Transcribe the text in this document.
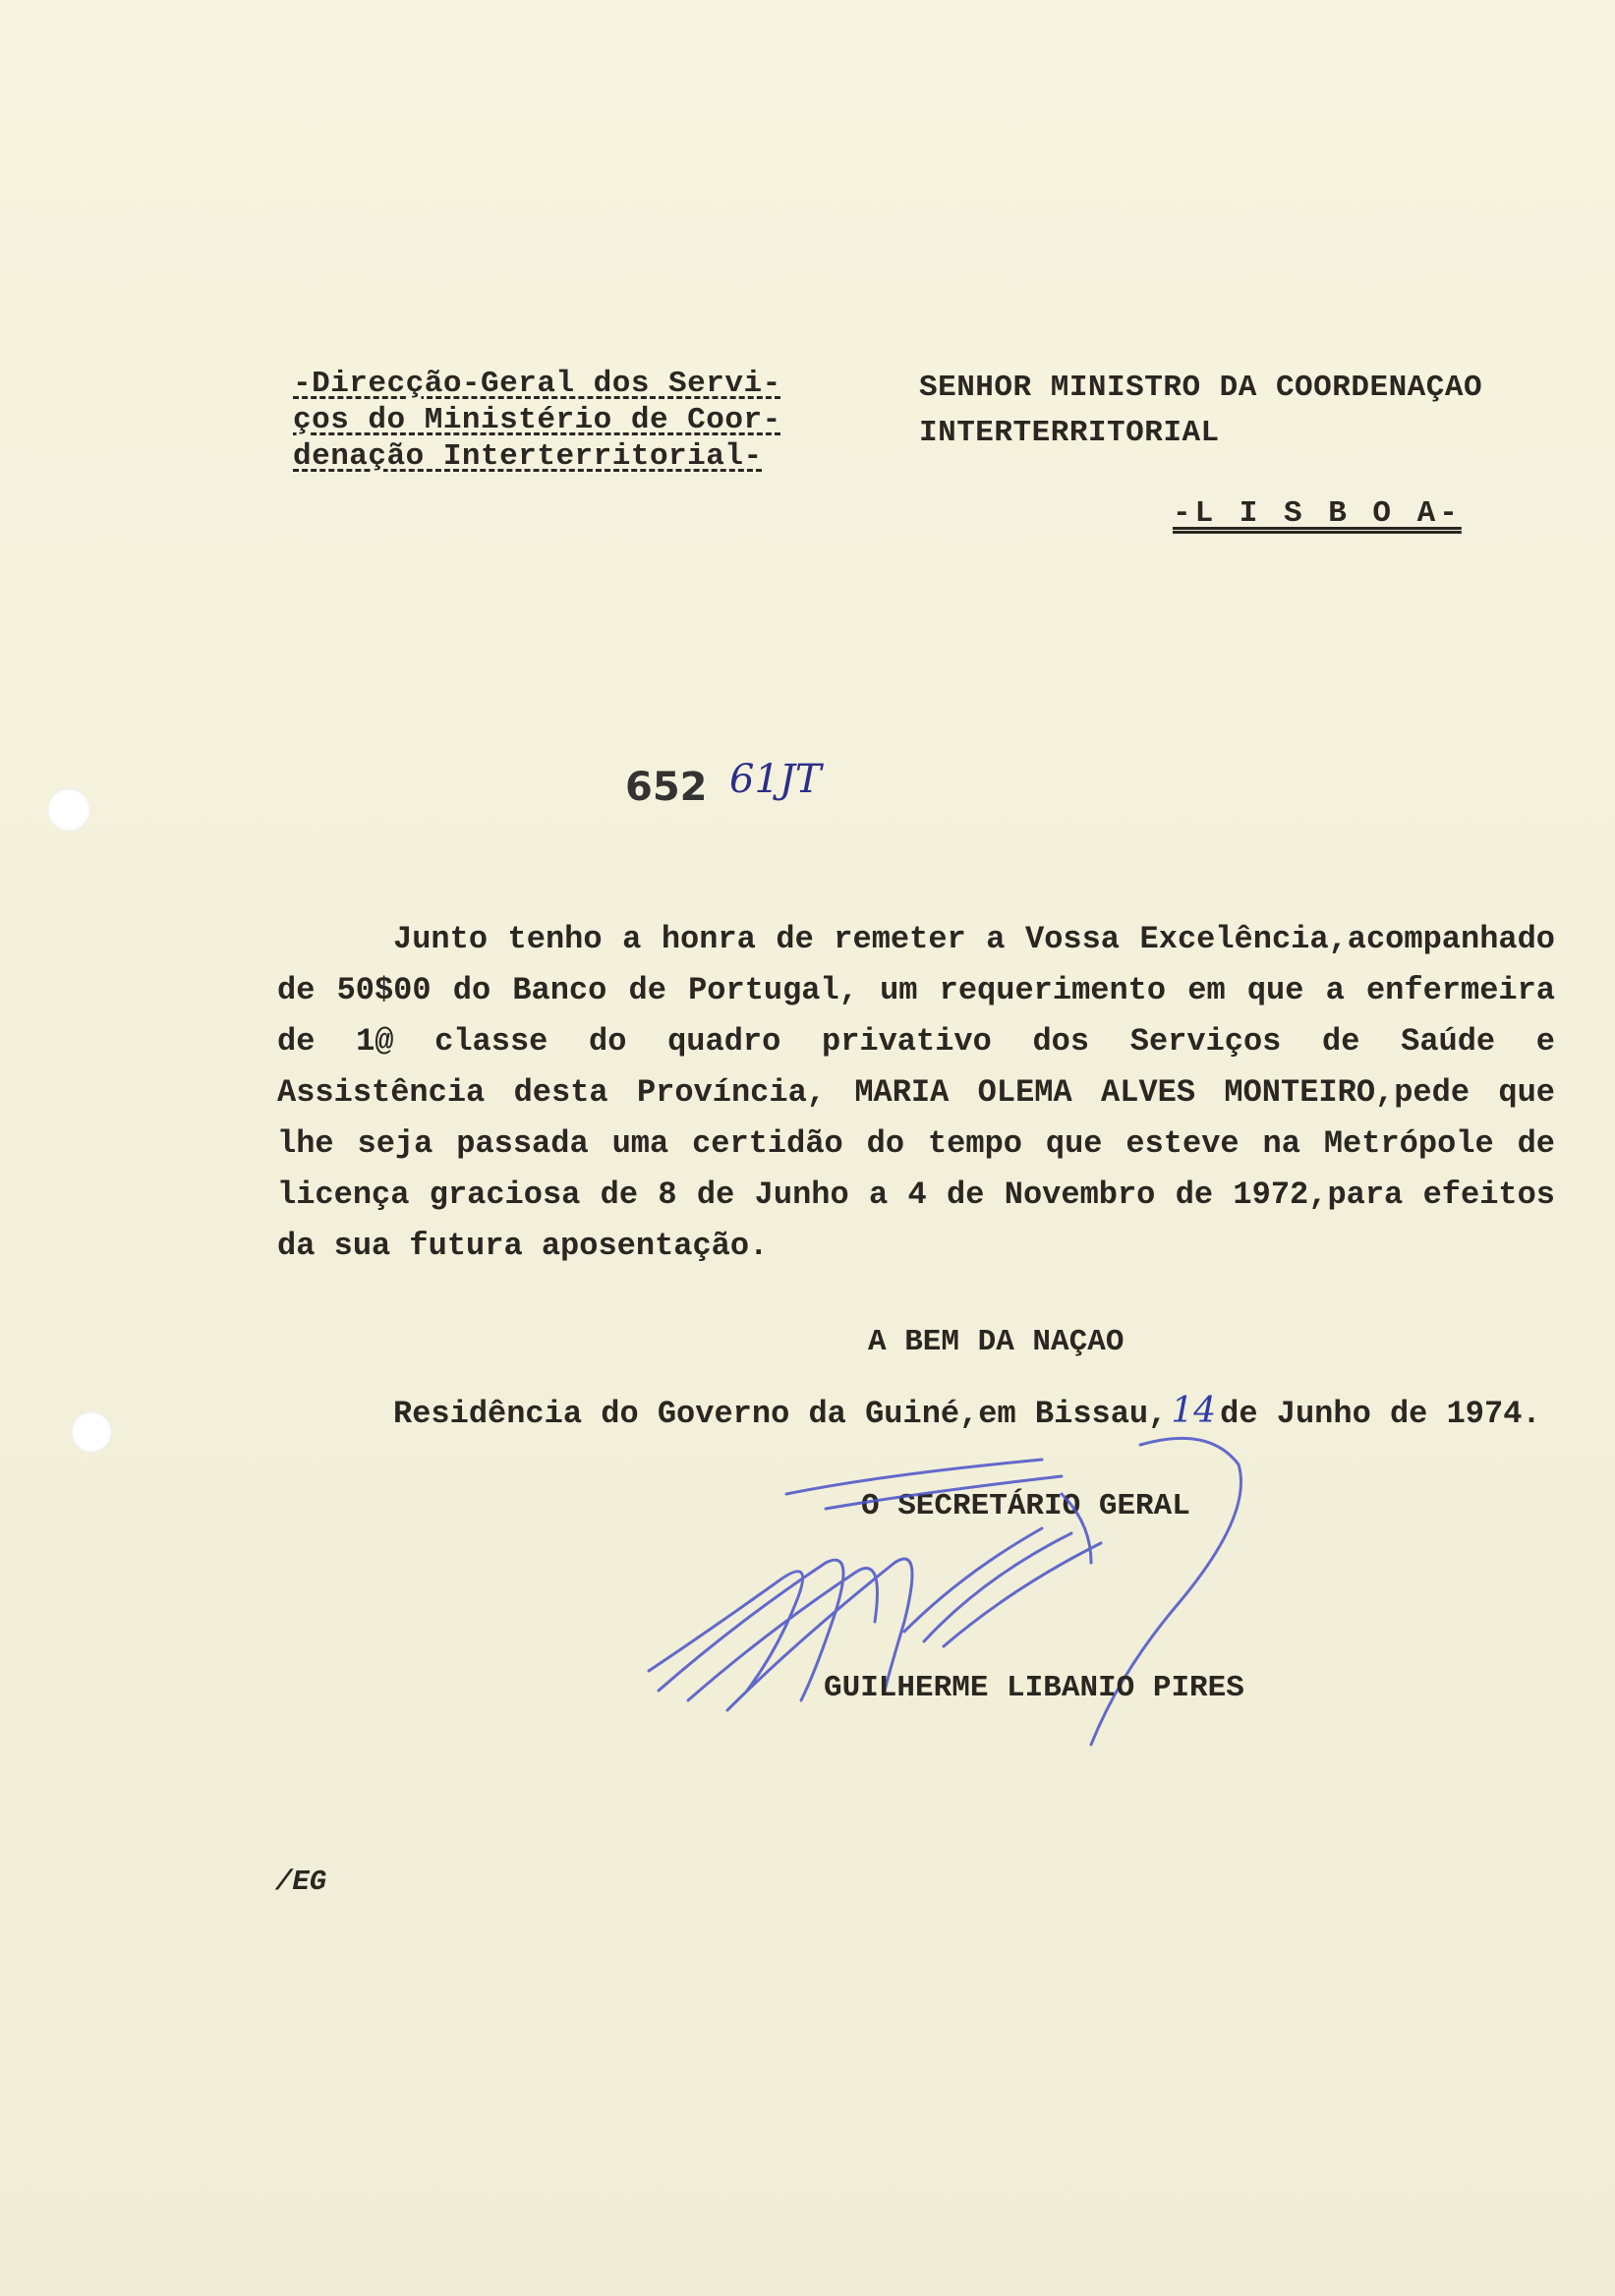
-Direcção-Geral dos Servi-
ços do Ministério de Coor-
denação Interterritorial-
SENHOR MINISTRO DA COORDENAÇAO
INTERTERRITORIAL
-L I S B O A-
652 61JT

Junto tenho a honra de remeter a Vossa Excelência,acompanhado de 50$00 do Banco de Portugal, um requerimento em que a enfermeira de 1@ classe do quadro privativo dos Serviços de Saúde e Assistência desta Província, MARIA OLEMA ALVES MONTEIRO,pede que lhe seja passada uma certidão do tempo que esteve na Metrópole de licença graciosa de 8 de Junho a 4 de Novembro de 1972,para efeitos da sua futura aposentação.

A BEM DA NAÇAO
Residência do Governo da Guiné,em Bissau, 14 de Junho de 1974.
O SECRETÁRIO GERAL
GUILHERME LIBANIO PIRES
/EG
